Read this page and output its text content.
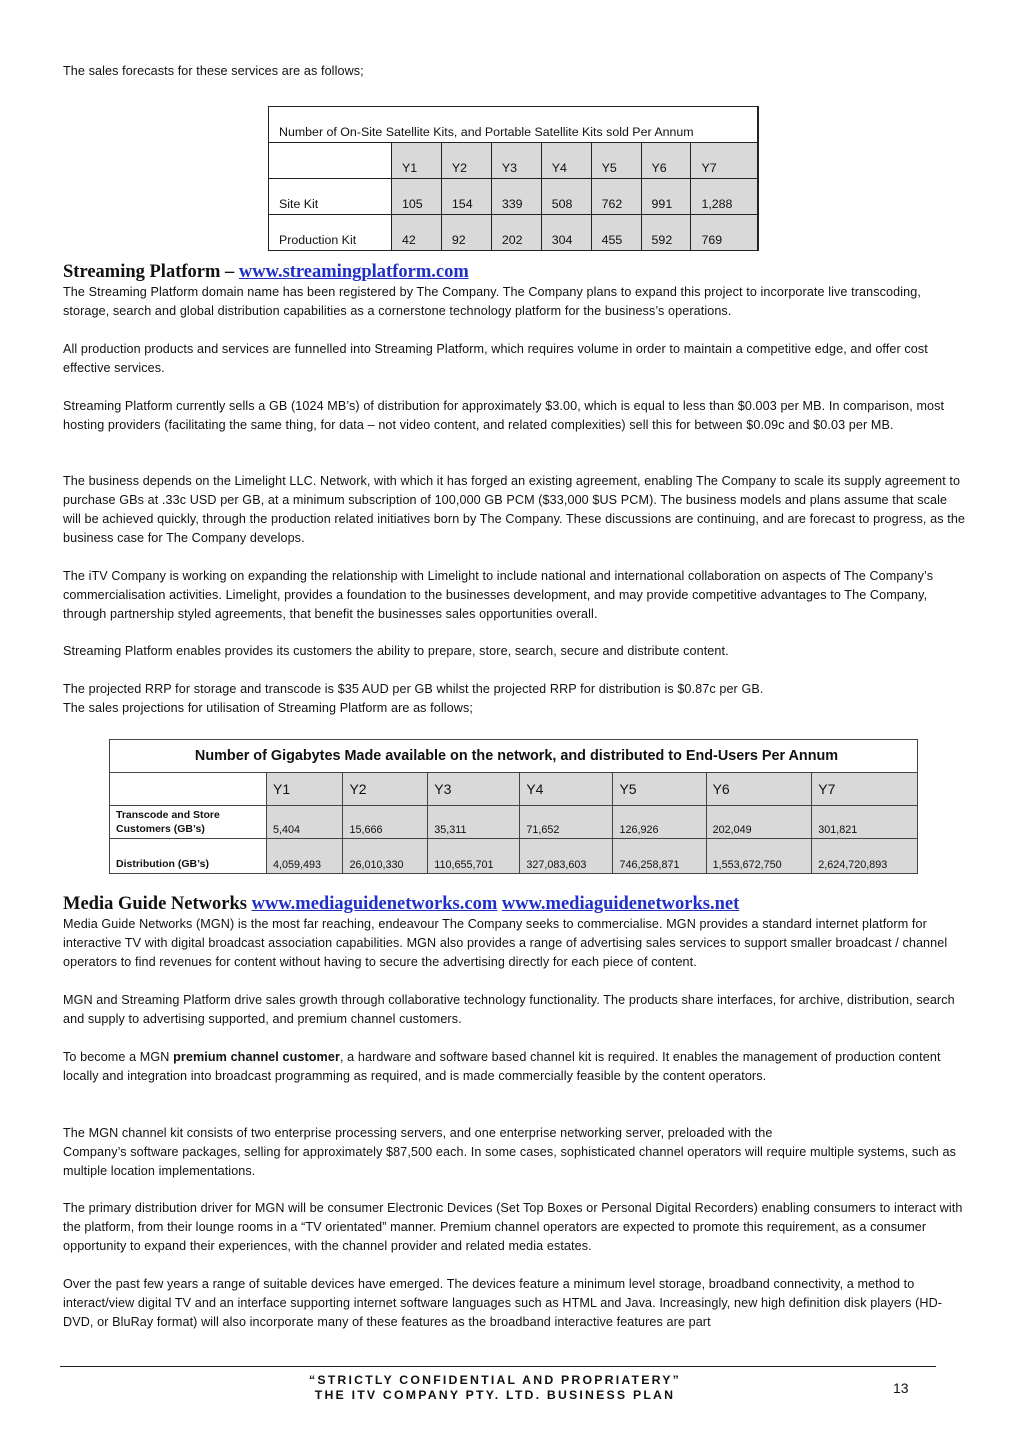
The sales forecasts for these services are as follows;

Number of On-Site Satellite Kits, and Portable Satellite Kits sold Per Annum							
	Y1	Y2	Y3	Y4	Y5	Y6	Y7
Site Kit	105	154	339	508	762	991	1,288
Production Kit	42	92	202	304	455	592	769
Streaming Platform – www.streamingplatform.com

The Streaming Platform domain name has been registered by The Company. The Company plans to expand this project to incorporate live transcoding, storage, search and global distribution capabilities as a cornerstone technology platform for the business’s operations.

All production products and services are funnelled into Streaming Platform, which requires volume in order to maintain a competitive edge, and offer cost effective services.

Streaming Platform currently sells a GB (1024 MB’s) of distribution for approximately $3.00, which is equal to less than $0.003 per MB. In comparison, most hosting providers (facilitating the same thing, for data – not video content, and related complexities) sell this for between $0.09c and $0.03 per MB.

The business depends on the Limelight LLC. Network, with which it has forged an existing agreement, enabling The Company to scale its supply agreement to purchase GBs at .33c USD per GB, at a minimum subscription of 100,000 GB PCM ($33,000 $US PCM). The business models and plans assume that scale will be achieved quickly, through the production related initiatives born by The Company. These discussions are continuing, and are forecast to progress, as the business case for The Company develops.

The iTV Company is working on expanding the relationship with Limelight to include national and international collaboration on aspects of The Company’s commercialisation activities. Limelight, provides a foundation to the businesses development, and may provide competitive advantages to The Company, through partnership styled agreements, that benefit the businesses sales opportunities overall.

Streaming Platform enables provides its customers the ability to prepare, store, search, secure and distribute content.

The projected RRP for storage and transcode is $35 AUD per GB whilst the projected RRP for distribution is $0.87c per GB.

The sales projections for utilisation of Streaming Platform are as follows;

Number of Gigabytes Made available on the network, and distributed to End-Users Per Annum							
	Y1	Y2	Y3	Y4	Y5	Y6	Y7
Transcode and Store
Customers (GB’s)	5,404	15,666	35,311	71,652	126,926	202,049	301,821
Distribution (GB’s)	4,059,493	26,010,330	110,655,701	327,083,603	746,258,871	1,553,672,750	2,624,720,893
Media Guide Networks www.mediaguidenetworks.com www.mediaguidenetworks.net

Media Guide Networks (MGN) is the most far reaching, endeavour The Company seeks to commercialise. MGN provides a standard internet platform for interactive TV with digital broadcast association capabilities. MGN also provides a range of advertising sales services to support smaller broadcast / channel operators to find revenues for content without having to secure the advertising directly for each piece of content.

MGN and Streaming Platform drive sales growth through collaborative technology functionality. The products share interfaces, for archive, distribution, search and supply to advertising supported, and premium channel customers.

To become a MGN premium channel customer, a hardware and software based channel kit is required. It enables the management of production content locally and integration into broadcast programming as required, and is made commercially feasible by the content operators.

The MGN channel kit consists of two enterprise processing servers, and one enterprise networking server, preloaded with the

Company’s software packages, selling for approximately $87,500 each. In some cases, sophisticated channel operators will require multiple systems, such as multiple location implementations.

The primary distribution driver for MGN will be consumer Electronic Devices (Set Top Boxes or Personal Digital Recorders) enabling consumers to interact with the platform, from their lounge rooms in a “TV orientated” manner. Premium channel operators are expected to promote this requirement, as a consumer opportunity to expand their experiences, with the channel provider and related media estates.

Over the past few years a range of suitable devices have emerged. The devices feature a minimum level storage, broadband connectivity, a method to interact/view digital TV and an interface supporting internet software languages such as HTML and Java. Increasingly, new high definition disk players (HD-DVD, or BluRay format) will also incorporate many of these features as the broadband interactive features are part

“STRICTLY CONFIDENTIAL AND PROPRIATERY”

THE ITV COMPANY PTY. LTD. BUSINESS PLAN	13
